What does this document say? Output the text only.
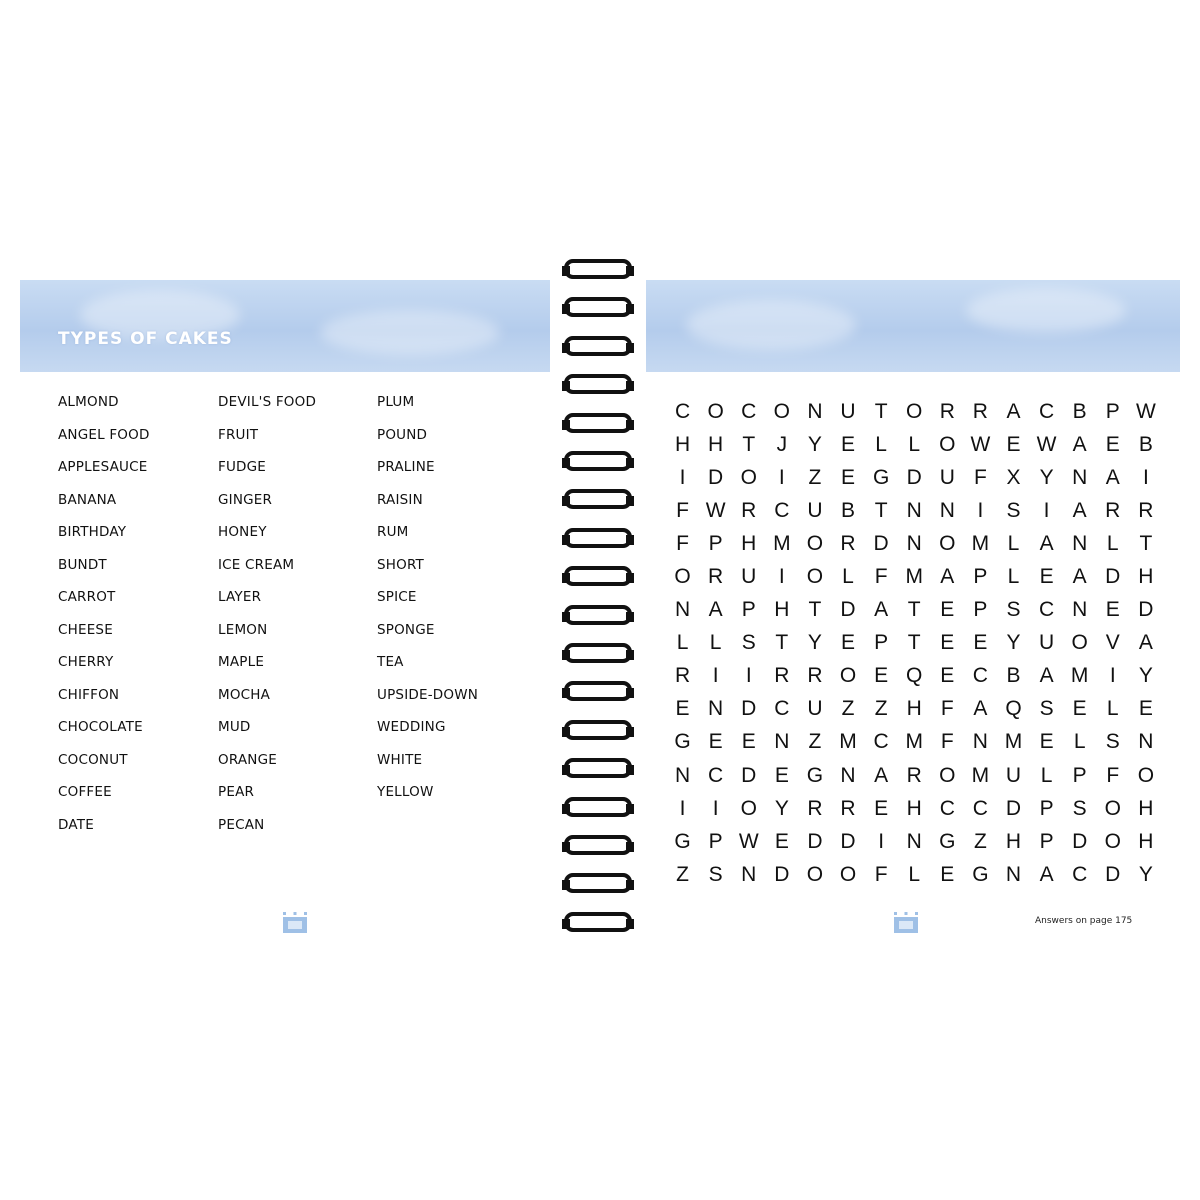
TYPES OF CAKES
ALMOND
ANGEL FOOD
APPLESAUCE
BANANA
BIRTHDAY
BUNDT
CARROT
CHEESE
CHERRY
CHIFFON
CHOCOLATE
COCONUT
COFFEE
DATE
DEVIL'S FOOD
FRUIT
FUDGE
GINGER
HONEY
ICE CREAM
LAYER
LEMON
MAPLE
MOCHA
MUD
ORANGE
PEAR
PECAN
PLUM
POUND
PRALINE
RAISIN
RUM
SHORT
SPICE
SPONGE
TEA
UPSIDE-DOWN
WEDDING
WHITE
YELLOW
C O C O N U T O R R A C B P W
H H T	J Y E L	L O W E W A E B
I	D O	I	Z E G D U F X Y N A	I
F W R C U B T N N	I	S	I	A R R
F P H M O R D N O M L A N L T
O R U	I	O L F M A P L E A D H
N A P H T D A T E P S C N E D
L	L S T Y E P T E E Y U O V A
R	I	I	R R O E Q E C B A M	I	Y
E N D C U Z Z H F A Q S E L E
G E E N Z M C M F N M E L S N
N C D E G N A R O M U L P F O
I	I	O Y R R E H C C D P S O H
G P W E D D	I	N G Z H P D O H
Z S N D O O F L E G N A C D Y
Answers on page 175
